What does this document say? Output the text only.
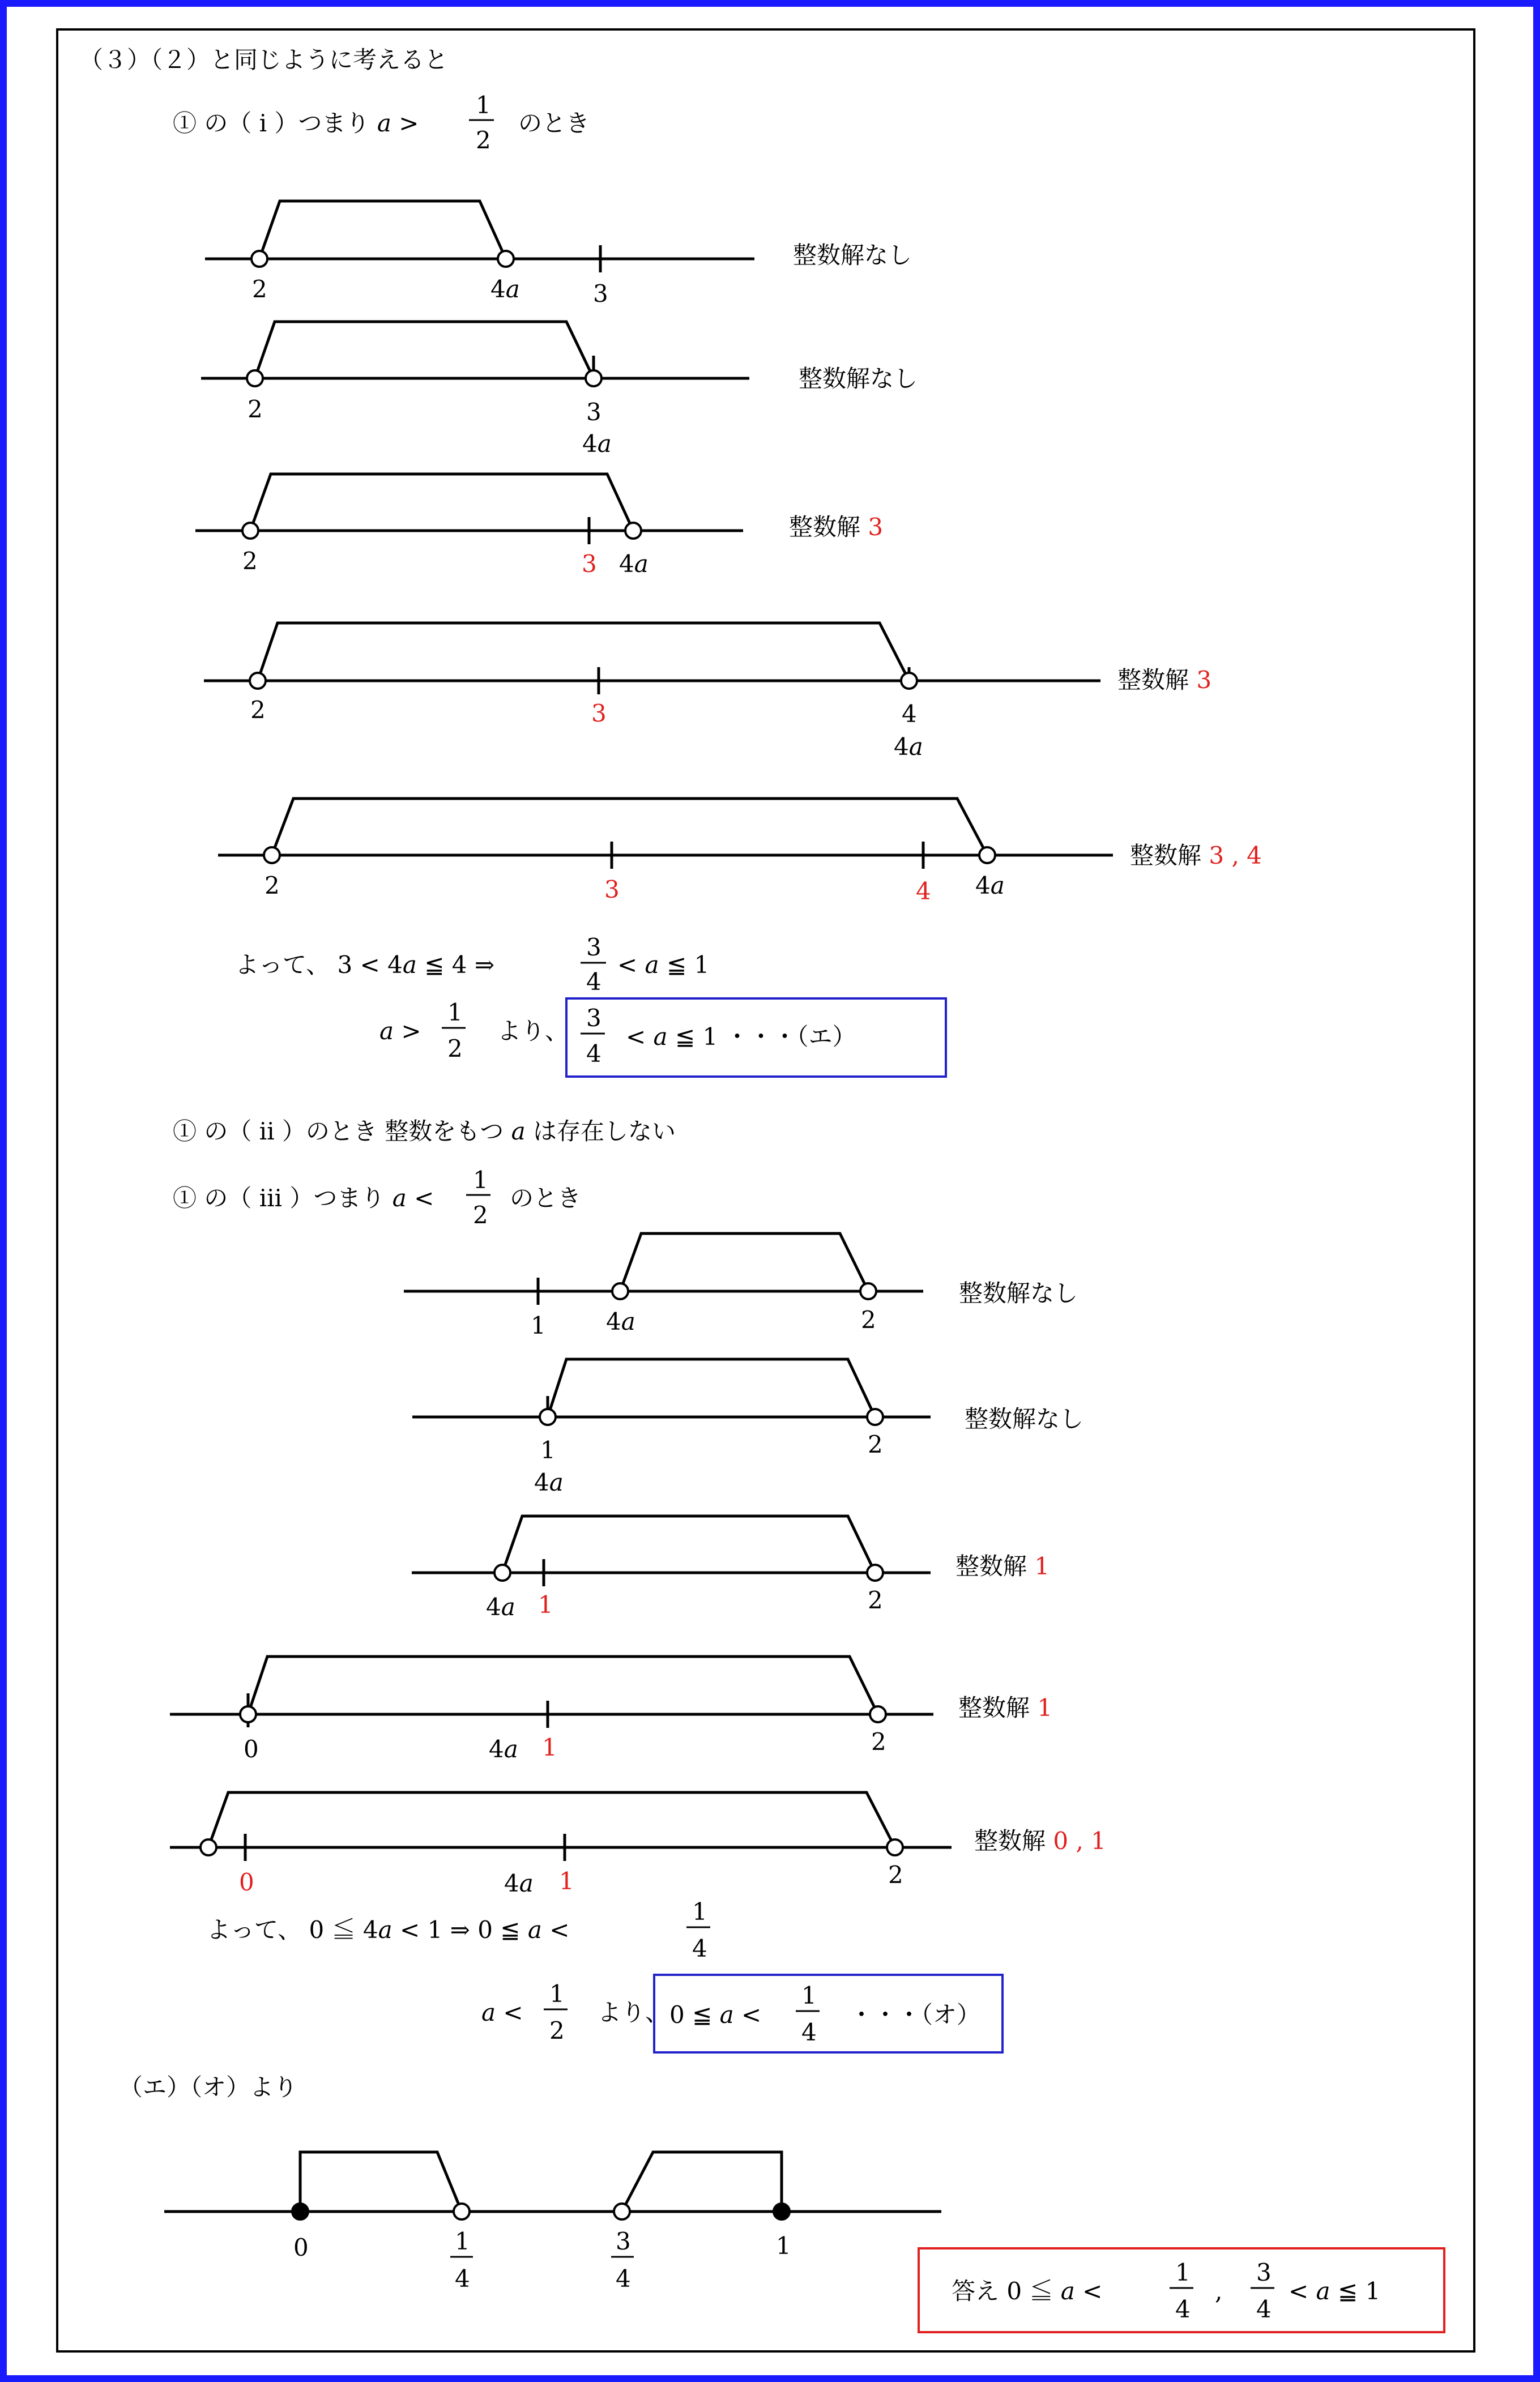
（３）（２）と同じように考えると
① の（ ⅰ ）つまり a >
1
2
のとき
2	4a	3
整数解なし
2	3
4a
整数解なし
2	3 4a
整数解 3
2	3	4
4a
整数解 3
2	3	4 4a
整数解 3 , 4
よって、 3 < 4a ≦ 4 ⇒
3
4
< a ≦ 1
a >
1
2
より、 3
4
< a ≦ 1 ・・・（エ）
① の（ ⅱ ）のとき 整数をもつ a は存在しない
① の（ ⅲ ）つまり a <
1
2
のとき
1	4a	2
整数解なし
1
4a
2
整数解なし
4a 1	2
整数解 1
0	4a 1	2
整数解 1
0	4a 1	2
整数解 0 , 1
よって、 0 ≦ 4a < 1 ⇒ 0 ≦ a <
1
4
a <
1
2
より、 0 ≦ a <
1
4
・・・（オ）
（エ）（オ）より
0	1
4
3
4
1
答え 0 ≦ a <
1
4
,
3
4
< a ≦ 1
